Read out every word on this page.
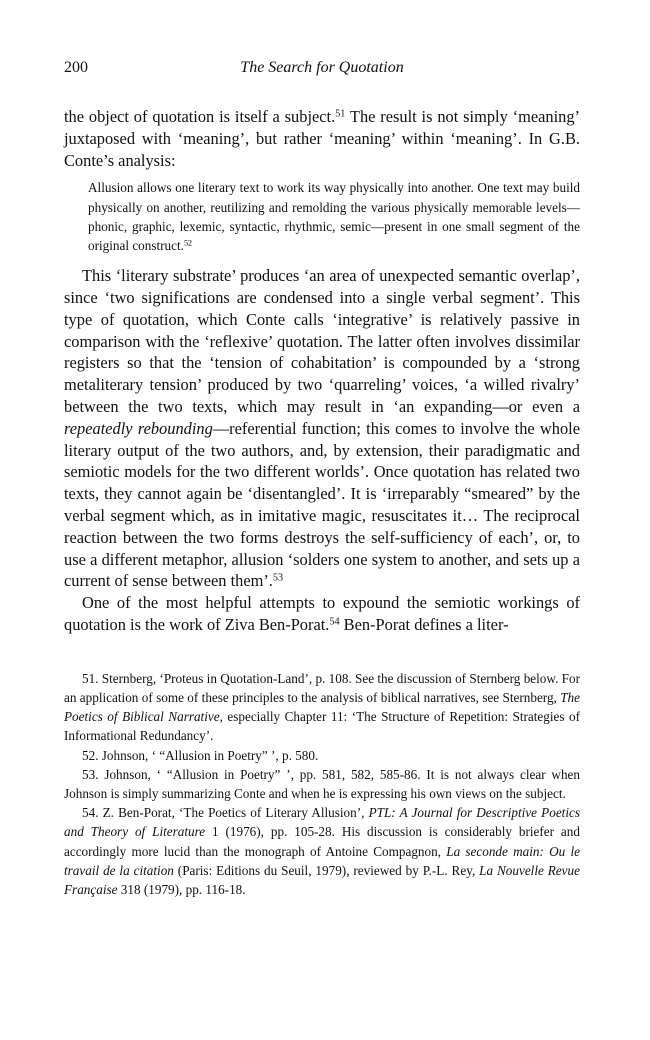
200	The Search for Quotation

the object of quotation is itself a subject.$^{51}$ The result is not simply ‘meaning’ juxtaposed with ‘meaning’, but rather ‘meaning’ within ‘meaning’. In G.B. Conte’s analysis:

Allusion allows one literary text to work its way physically into another. One text may build physically on another, reutilizing and remolding the various physically memorable levels—phonic, graphic, lexemic, syntactic, rhythmic, semic—present in one small segment of the original construct.$^{52}$

This ‘literary substrate’ produces ‘an area of unexpected semantic overlap’, since ‘two significations are condensed into a single verbal segment’. This type of quotation, which Conte calls ‘integrative’ is relatively passive in comparison with the ‘reflexive’ quotation. The latter often involves dissimilar registers so that the ‘tension of cohabitation’ is compounded by a ‘strong metaliterary tension’ produced by two ‘quarreling’ voices, ‘a willed rivalry’ between the two texts, which may result in ‘an expanding—or even a repeatedly rebounding—referential function; this comes to involve the whole literary output of the two authors, and, by extension, their paradigmatic and semiotic models for the two different worlds’. Once quotation has related two texts, they cannot again be ‘disentangled’. It is ‘irreparably “smeared” by the verbal segment which, as in imitative magic, resuscitates it… The reciprocal reaction between the two forms destroys the self-sufficiency of each’, or, to use a different metaphor, allusion ‘solders one system to another, and sets up a current of sense between them’.$^{53}$

One of the most helpful attempts to expound the semiotic workings of quotation is the work of Ziva Ben-Porat.$^{54}$ Ben-Porat defines a liter-

51. Sternberg, ‘Proteus in Quotation-Land’, p. 108. See the discussion of Sternberg below. For an application of some of these principles to the analysis of biblical narratives, see Sternberg, The Poetics of Biblical Narrative, especially Chapter 11: ‘The Structure of Repetition: Strategies of Informational Redundancy’.

52. Johnson, ‘ “Allusion in Poetry” ’, p. 580.

53. Johnson, ‘ “Allusion in Poetry” ’, pp. 581, 582, 585-86. It is not always clear when Johnson is simply summarizing Conte and when he is expressing his own views on the subject.

54. Z. Ben-Porat, ‘The Poetics of Literary Allusion’, PTL: A Journal for Descriptive Poetics and Theory of Literature 1 (1976), pp. 105-28. His discussion is considerably briefer and accordingly more lucid than the monograph of Antoine Compagnon, La seconde main: Ou le travail de la citation (Paris: Editions du Seuil, 1979), reviewed by P.-L. Rey, La Nouvelle Revue Française 318 (1979), pp. 116-18.
